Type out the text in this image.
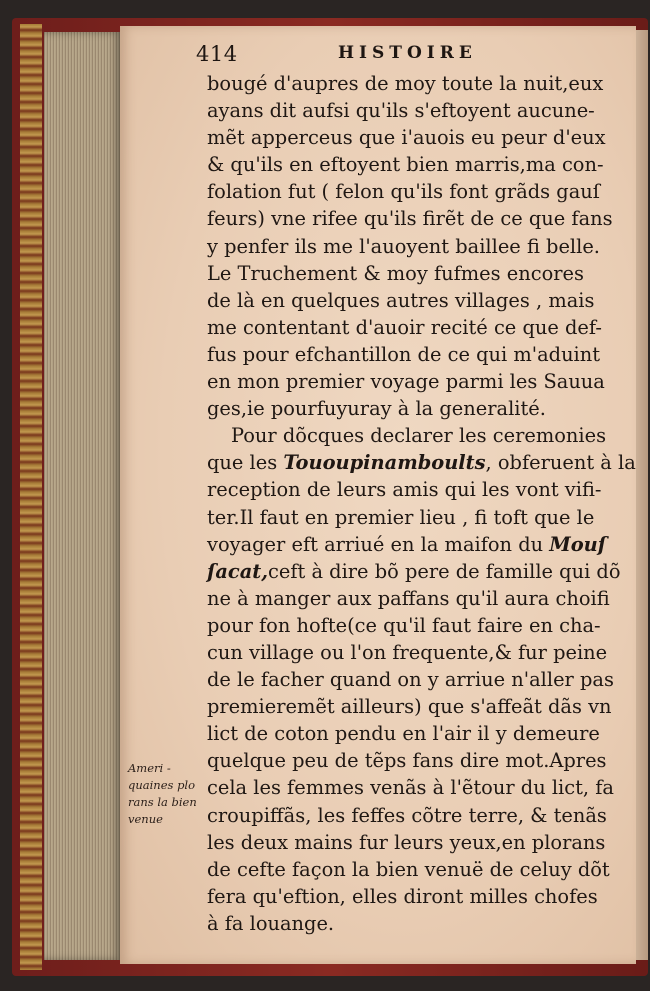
414	HISTOIRE
bougé d'aupres de moy toute la nuit,eux
ayans dit aufsi qu'ils s'eftoyent aucune-
mẽt apperceus que i'auois eu peur d'eux
& qu'ils en eftoyent bien marris,ma con-
folation fut ( felon qu'ils font grãds gauſ
feurs) vne rifee qu'ils firẽt de ce que fans
y penfer ils me l'auoyent baillee fi belle.
Le Truchement & moy fufmes encores
de là en quelques autres villages , mais
me contentant d'auoir recité ce que def-
fus pour efchantillon de ce qui m'aduint
en mon premier voyage parmi les Sauua
ges,ie pourfuyuray à la generalité.
Pour dõcques declarer les ceremonies
que les Tououpinamboults, obferuent à la
reception de leurs amis qui les vont vifi-
ter.Il faut en premier lieu , fi toft que le
voyager eft arriué en la maifon du Mouſ
ſacat,ceft à dire bõ pere de famille qui dõ
ne à manger aux paffans qu'il aura choifi
pour fon hofte(ce qu'il faut faire en cha-
cun village ou l'on frequente,& fur peine
de le facher quand on y arriue n'aller pas
premieremẽt ailleurs) que s'affeãt dãs vn
lict de coton pendu en l'air il y demeure
quelque peu de tẽps fans dire mot.Apres
cela les femmes venãs à l'ẽtour du lict, fa
croupiffãs, les feffes cõtre terre, & tenãs
les deux mains fur leurs yeux,en plorans
de cefte façon la bien venuë de celuy dõt
fera qu'eftion, elles diront milles chofes
à fa louange.
Ameri -
quaines plo
rans la bien
venue
